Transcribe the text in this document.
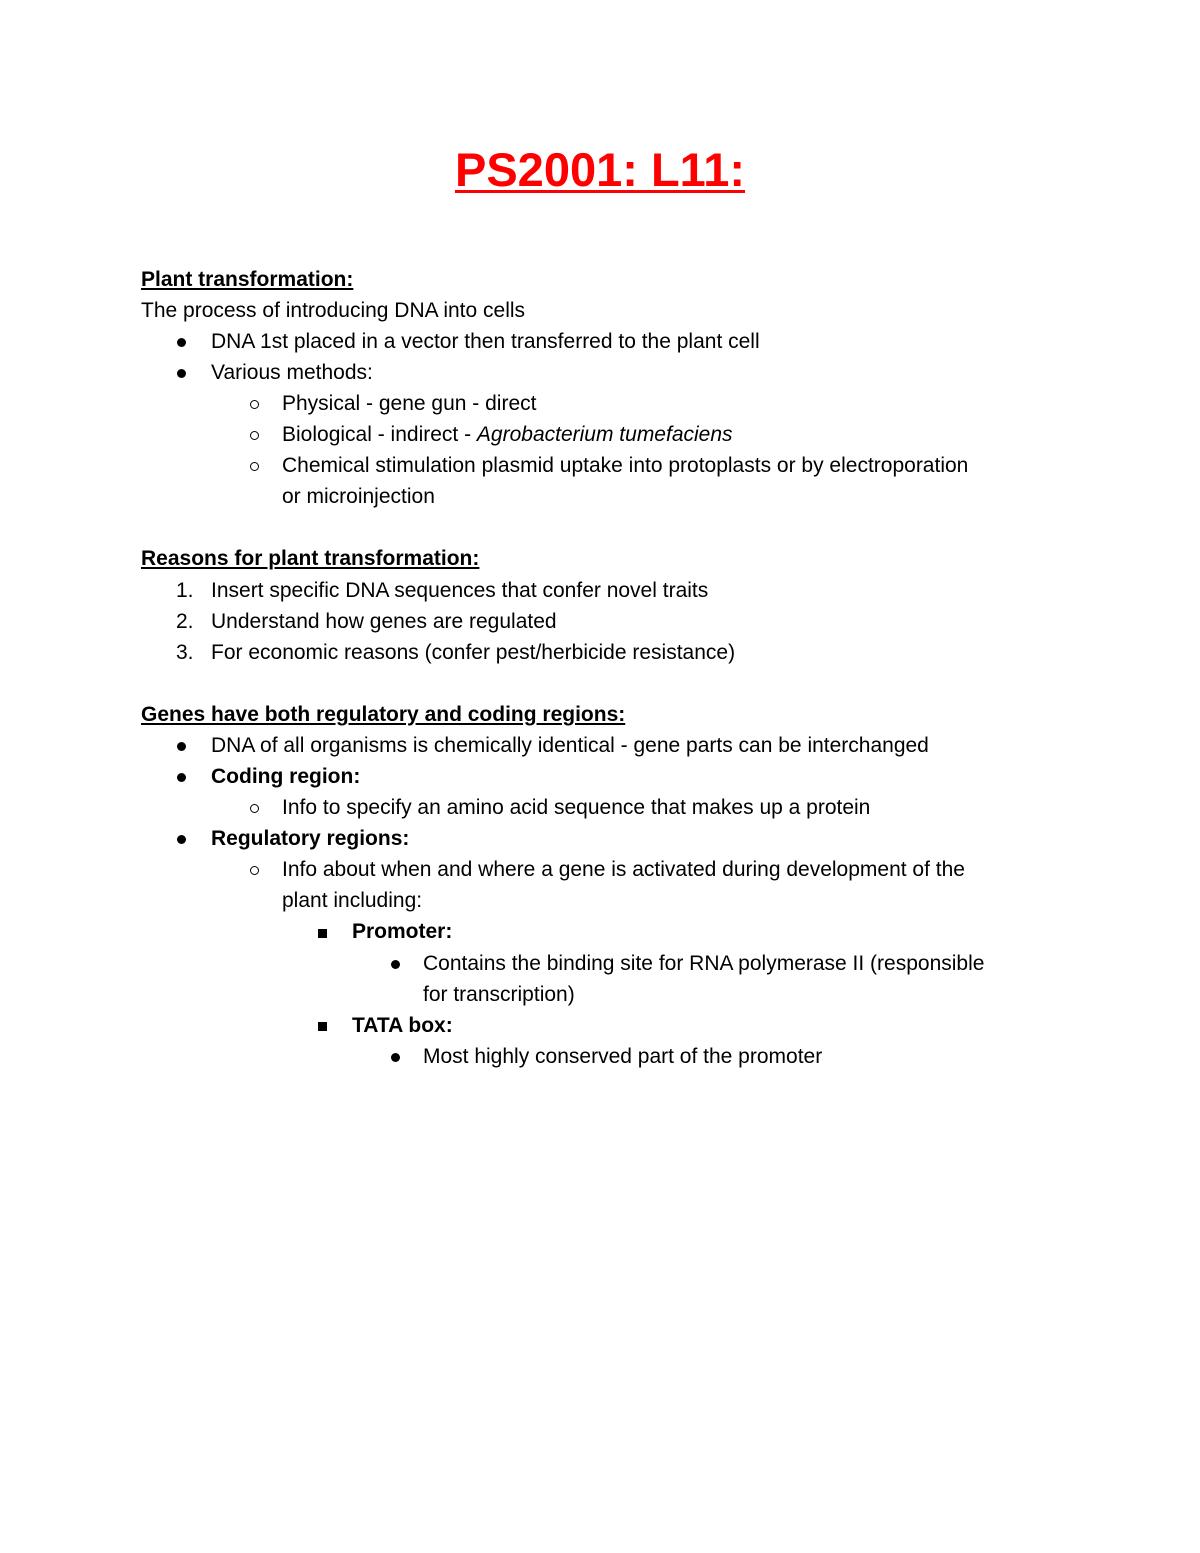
PS2001: L11:
Plant transformation:
The process of introducing DNA into cells
DNA 1st placed in a vector then transferred to the plant cell
Various methods:
Physical - gene gun - direct
Biological - indirect - Agrobacterium tumefaciens
Chemical stimulation plasmid uptake into protoplasts or by electroporation
or microinjection
Reasons for plant transformation:
1. Insert specific DNA sequences that confer novel traits
2. Understand how genes are regulated
3. For economic reasons (confer pest/herbicide resistance)
Genes have both regulatory and coding regions:
DNA of all organisms is chemically identical - gene parts can be interchanged
Coding region:
Info to specify an amino acid sequence that makes up a protein
Regulatory regions:
Info about when and where a gene is activated during development of the
plant including:
Promoter:
Contains the binding site for RNA polymerase II (responsible
for transcription)
TATA box:
Most highly conserved part of the promoter
